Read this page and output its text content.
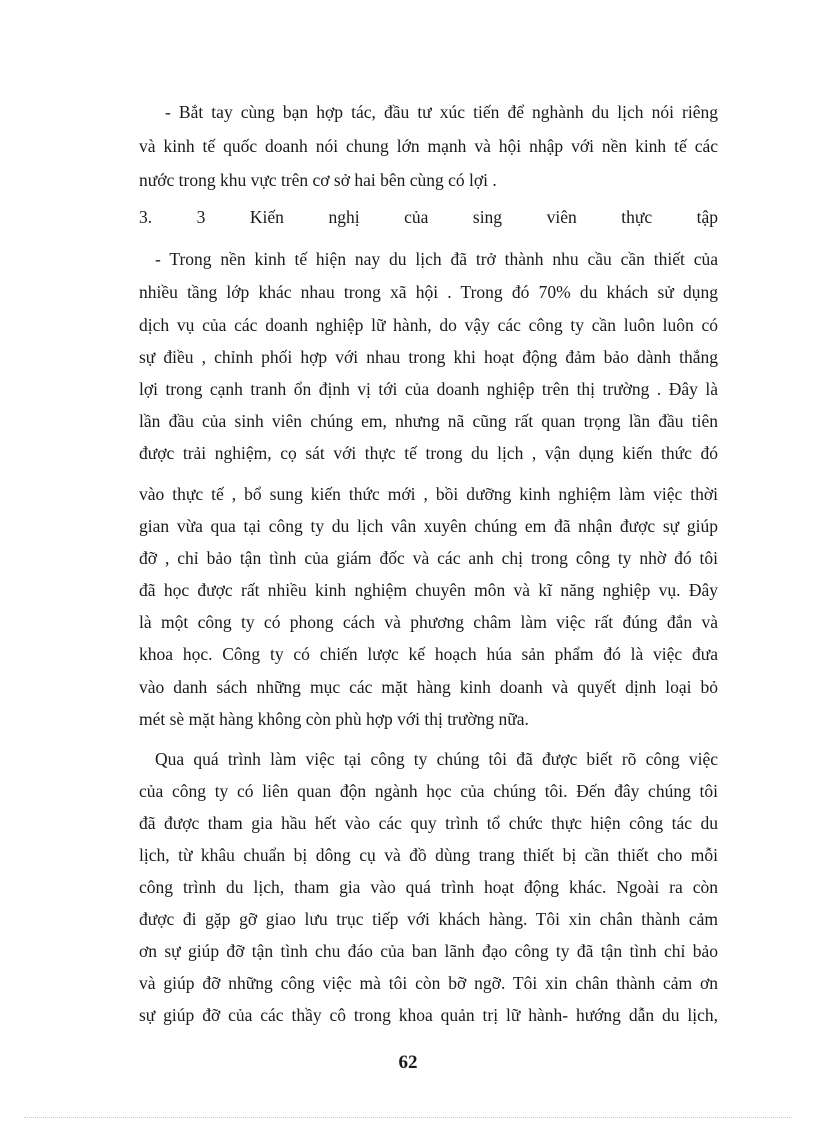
- Bắt tay cùng bạn hợp tác, đầu tư xúc tiến để nghành du lịch nói riêng
và kinh tế quốc doanh nói chung lớn mạnh và hội nhập với nền kinh tế các
nước trong khu vực trên cơ sở hai bên cùng có lợi .
3. 3 Kiến nghị của sing viên thực tập
- Trong nền kinh tế hiện nay du lịch đã trở thành nhu cầu cần thiết của
nhiều tầng lớp khác nhau trong xã hội . Trong đó 70% du khách sử dụng
dịch vụ của các doanh nghiệp lữ hành, do vậy các công ty cần luôn luôn có
sự điều , chỉnh phối hợp với nhau trong khi hoạt động đảm bảo dành thắng
lợi trong cạnh tranh ổn định vị tới của doanh nghiệp trên thị trường . Đây là
lần đầu của sinh viên chúng em, nhưng nã cũng rất quan trọng lần đầu tiên
được trải nghiệm, cọ sát với thực tế trong du lịch , vận dụng kiến thức đó
vào thực tế , bổ sung kiến thức mới , bồi dưỡng kinh nghiệm làm việc thời
gian vừa qua tại công ty du lịch vân xuyên chúng em đã nhận được sự giúp
đỡ , chỉ bảo tận tình của giám đốc và các anh chị trong công ty nhờ đó tôi
đã học được rất nhiều kinh nghiệm chuyên môn và kĩ năng nghiệp vụ. Đây
là một công ty có phong cách và phương châm làm việc rất đúng đắn và
khoa học. Công ty có chiến lược kế hoạch húa sản phẩm đó là việc đưa
vào danh sách những mục các mặt hàng kinh doanh và quyết dịnh loại bỏ
mét sè mặt hàng không còn phù hợp với thị trường nữa.
Qua quá trình làm việc tại công ty chúng tôi đã được biết rõ công việc
của công ty có liên quan độn ngành học của chúng tôi. Đến đây chúng tôi
đã được tham gia hầu hết vào các quy trình tổ chức thực hiện công tác du
lịch, từ khâu chuẩn bị dông cụ và đồ dùng trang thiết bị cần thiết cho mỗi
công trình du lịch, tham gia vào quá trình hoạt động khác. Ngoài ra còn
được đi gặp gỡ giao lưu trục tiếp với khách hàng. Tôi xin chân thành cảm
ơn sự giúp đỡ tận tình chu đáo của ban lãnh đạo công ty đã tận tình chỉ bảo
và giúp đỡ những công việc mà tôi còn bỡ ngỡ. Tôi xin chân thành cảm ơn
sự giúp đỡ của các thầy cô trong khoa quản trị lữ hành- hướng dẫn du lịch,
62
